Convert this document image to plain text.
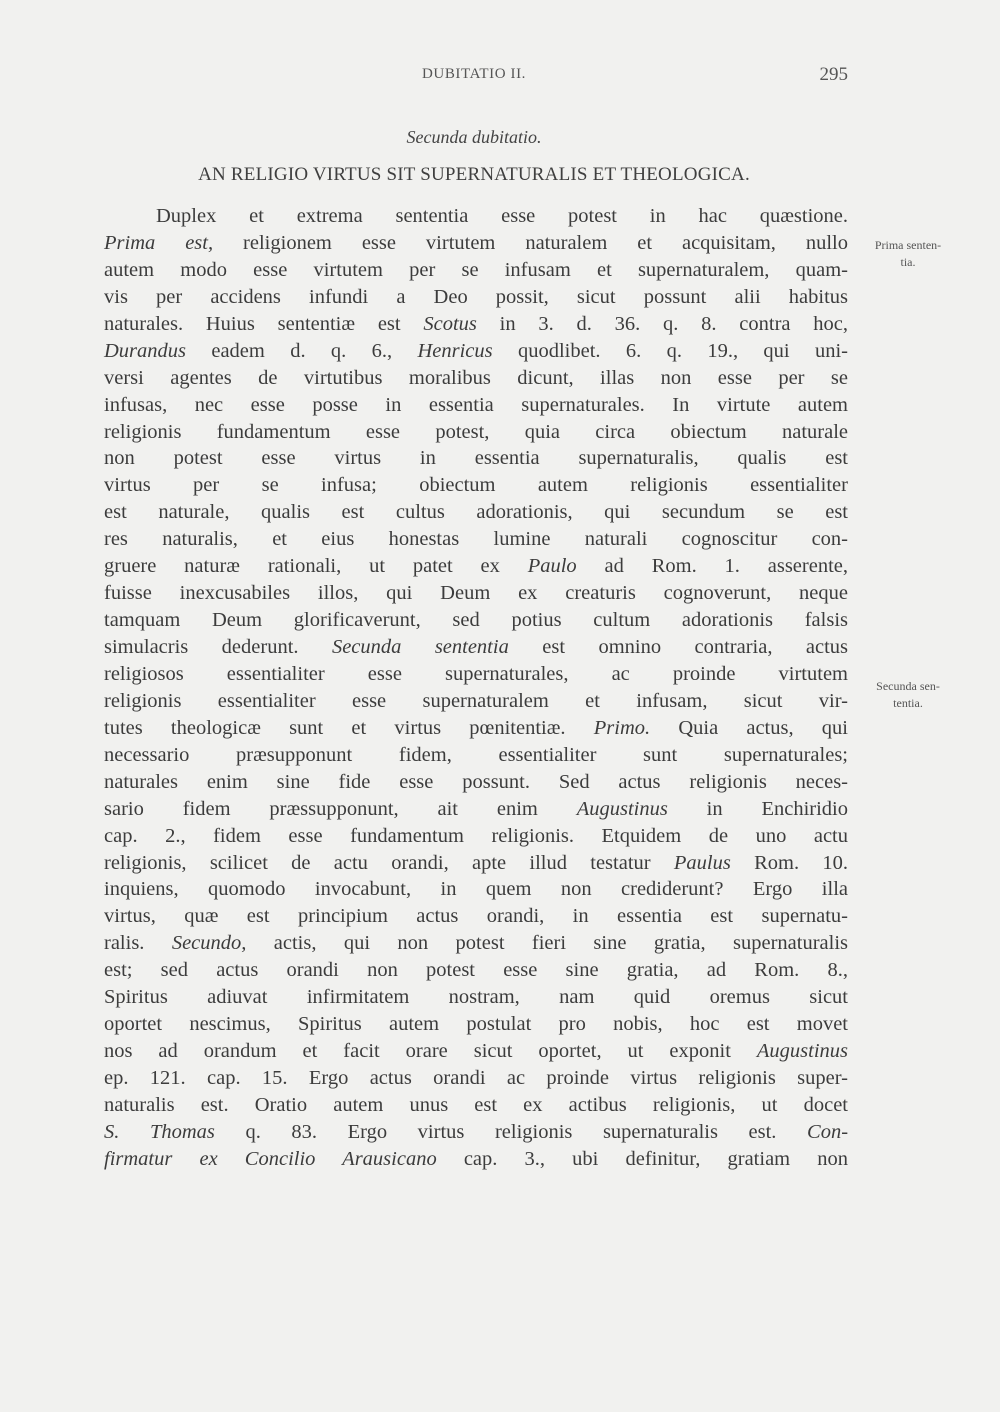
DUBITATIO II.	295
Secunda dubitatio.
AN RELIGIO VIRTUS SIT SUPERNATURALIS ET THEOLOGICA.
Duplex et extrema sententia esse potest in hac quæstione.
Prima est, religionem esse virtutem naturalem et acquisitam, nullo
autem modo esse virtutem per se infusam et supernaturalem, quam-
vis per accidens infundi a Deo possit, sicut possunt alii habitus
naturales. Huius sententiæ est Scotus in 3. d. 36. q. 8. contra hoc,
Durandus eadem d. q. 6., Henricus quodlibet. 6. q. 19., qui uni-
versi agentes de virtutibus moralibus dicunt, illas non esse per se
infusas, nec esse posse in essentia supernaturales. In virtute autem
religionis fundamentum esse potest, quia circa obiectum naturale
non potest esse virtus in essentia supernaturalis, qualis est
virtus per se infusa; obiectum autem religionis essentialiter
est naturale, qualis est cultus adorationis, qui secundum se est
res naturalis, et eius honestas lumine naturali cognoscitur con-
gruere naturæ rationali, ut patet ex Paulo ad Rom. 1. asserente,
fuisse inexcusabiles illos, qui Deum ex creaturis cognoverunt, neque
tamquam Deum glorificaverunt, sed potius cultum adorationis falsis
simulacris dederunt. Secunda sententia est omnino contraria, actus
religiosos essentialiter esse supernaturales, ac proinde virtutem
religionis essentialiter esse supernaturalem et infusam, sicut vir-
tutes theologicæ sunt et virtus pœnitentiæ. Primo. Quia actus, qui
necessario præsupponunt fidem, essentialiter sunt supernaturales;
naturales enim sine fide esse possunt. Sed actus religionis neces-
sario fidem præssupponunt, ait enim Augustinus in Enchiridio
cap. 2., fidem esse fundamentum religionis. Etquidem de uno actu
religionis, scilicet de actu orandi, apte illud testatur Paulus Rom. 10.
inquiens, quomodo invocabunt, in quem non crediderunt? Ergo illa
virtus, quæ est principium actus orandi, in essentia est supernatu-
ralis. Secundo, actis, qui non potest fieri sine gratia, supernaturalis
est; sed actus orandi non potest esse sine gratia, ad Rom. 8.,
Spiritus adiuvat infirmitatem nostram, nam quid oremus sicut
oportet nescimus, Spiritus autem postulat pro nobis, hoc est movet
nos ad orandum et facit orare sicut oportet, ut exponit Augustinus
ep. 121. cap. 15. Ergo actus orandi ac proinde virtus religionis super-
naturalis est. Oratio autem unus est ex actibus religionis, ut docet
S. Thomas q. 83. Ergo virtus religionis supernaturalis est. Con-
firmatur ex Concilio Arausicano cap. 3., ubi definitur, gratiam non
Prima senten-
tia.
Secunda sen-
tentia.
